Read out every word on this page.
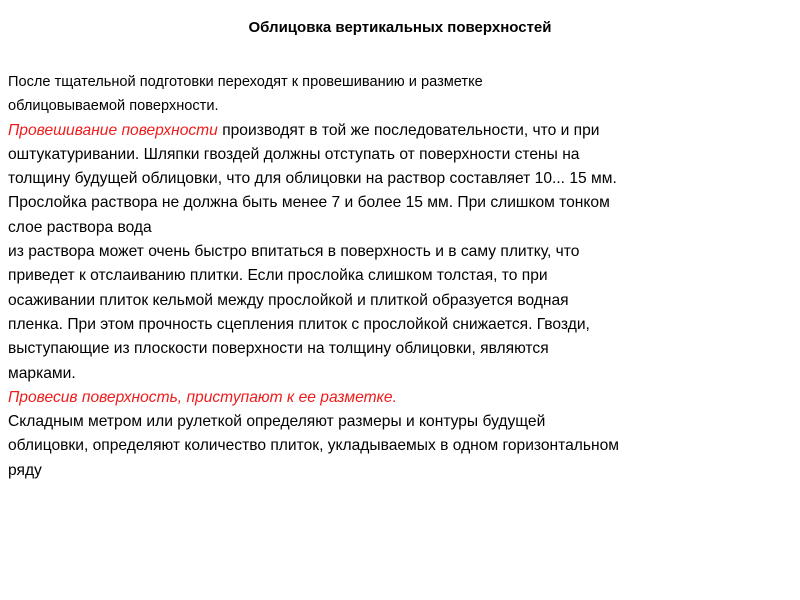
Облицовка вертикальных поверхностей
После тщательной подготовки переходят к провешиванию и разметке
облицовываемой поверхности.
Провешивание поверхности производят в той же последовательности, что и при
оштукатуривании. Шляпки гвоздей должны отступать от поверхности стены на
толщину будущей облицовки, что для облицовки на раствор составляет 10... 15 мм.
Прослойка раствора не должна быть менее 7 и более 15 мм. При слишком тонком
слое раствора вода
из раствора может очень быстро впитаться в поверхность и в саму плитку, что
приведет к отслаиванию плитки. Если прослойка слишком толстая, то при
осаживании плиток кельмой между прослойкой и плиткой образуется водная
пленка. При этом прочность сцепления плиток с прослойкой снижается. Гвозди,
выступающие из плоскости поверхности на толщину облицовки, являются
марками.
Провесив поверхность, приступают к ее разметке.
Складным метром или рулеткой определяют размеры и контуры будущей
облицовки, определяют количество плиток, укладываемых в одном горизонтальном
ряду
